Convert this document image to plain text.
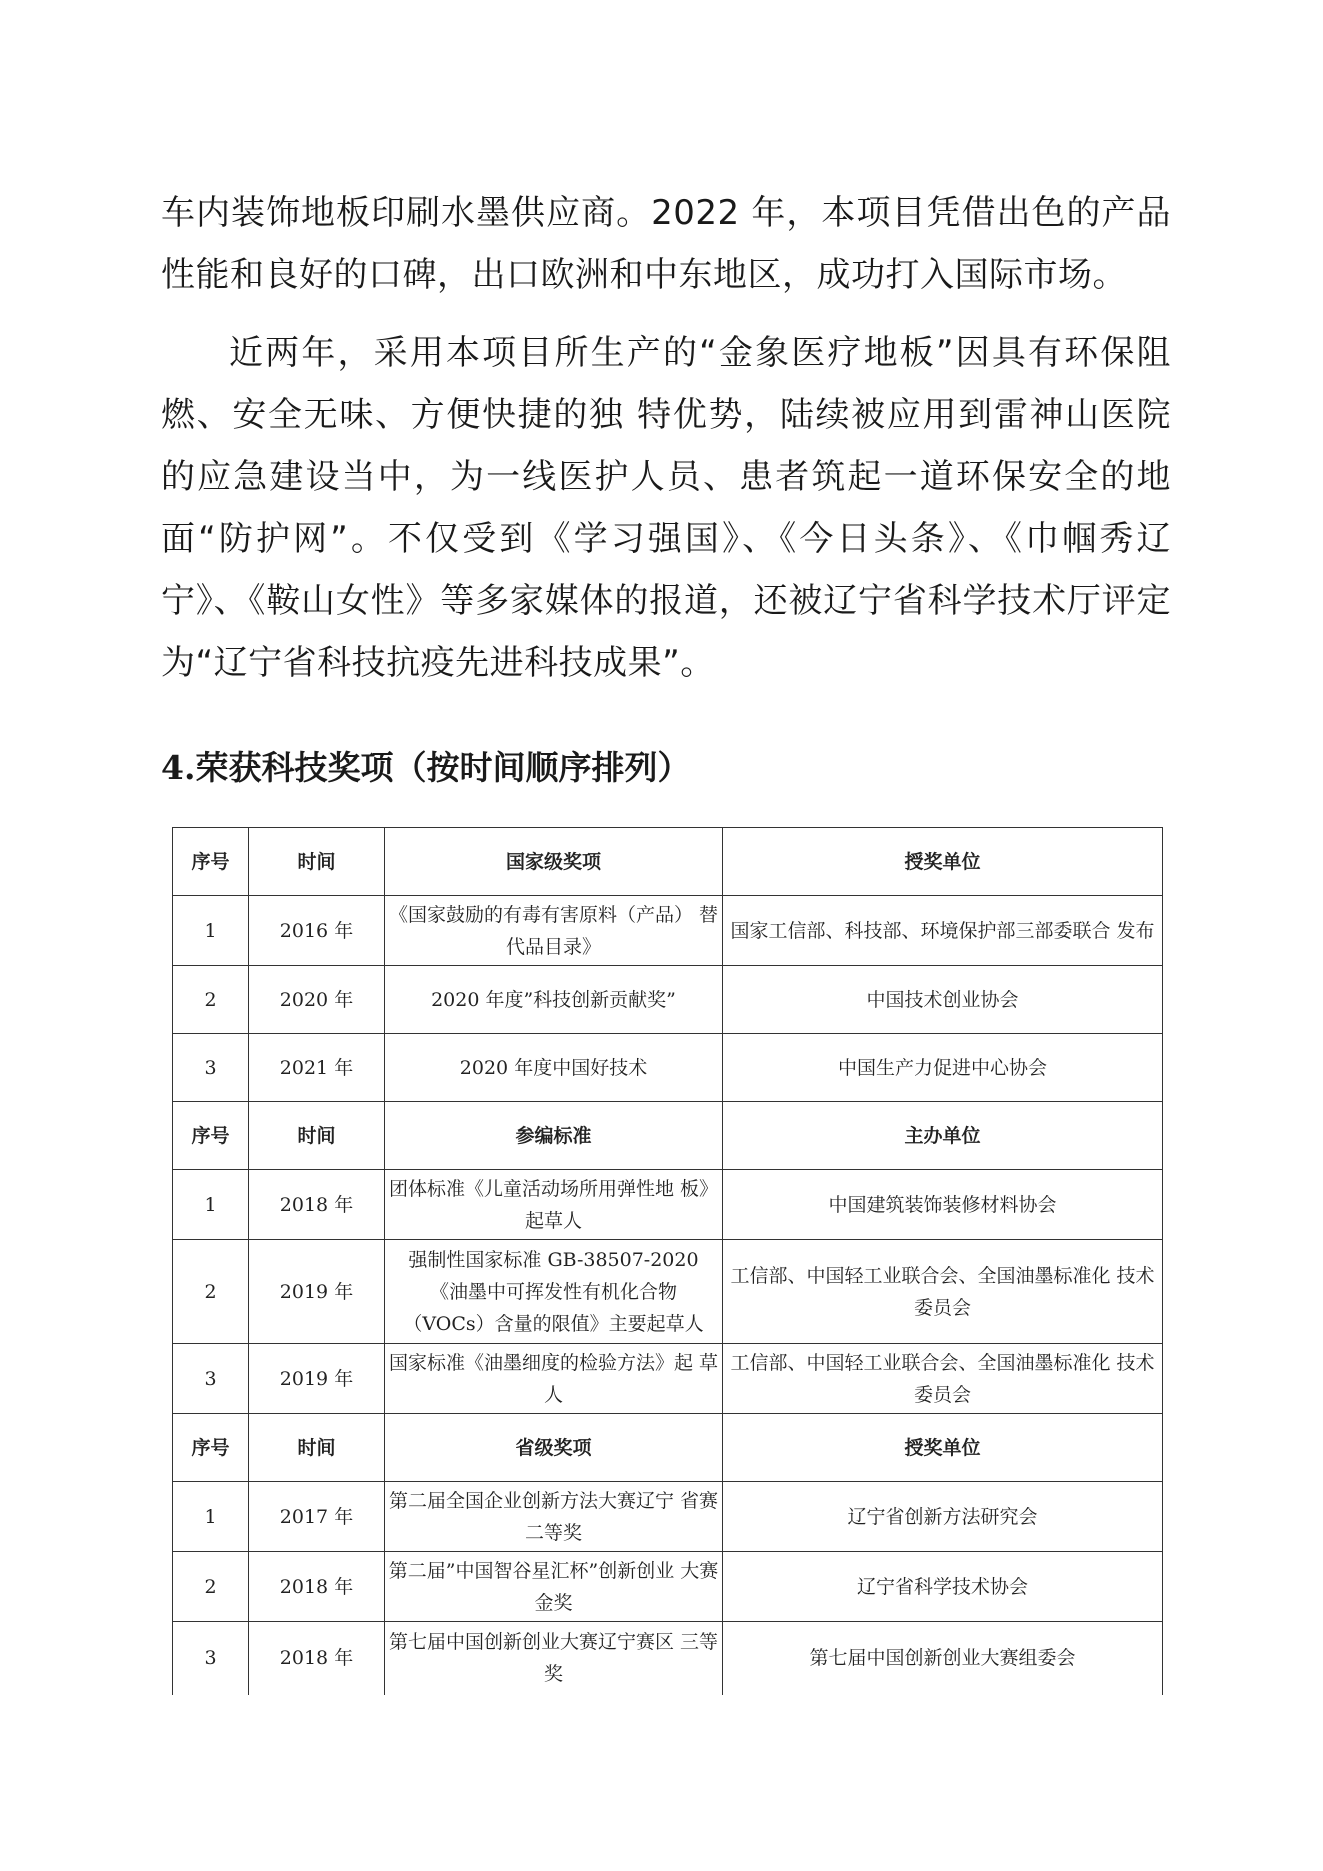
车内装饰地板印刷水墨供应商。2022 年，本项目凭借出色的产品性能和良好的口碑，出口欧洲和中东地区，成功打入国际市场。

近两年，采用本项目所生产的“金象医疗地板”因具有环保阻燃、安全无味、方便快捷的独 特优势，陆续被应用到雷神山医院的应急建设当中，为一线医护人员、患者筑起一道环保安全的地面“防护网”。不仅受到《学习强国》、《今日头条》、《巾帼秀辽宁》、《鞍山女性》等多家媒体的报道，还被辽宁省科学技术厅评定为“辽宁省科技抗疫先进科技成果”。

4.荣获科技奖项（按时间顺序排列）
序号	时间	国家级奖项	授奖单位
1	2016 年	《国家鼓励的有毒有害原料（产品） 替代品目录》	国家工信部、科技部、环境保护部三部委联合 发布
2	2020 年	2020 年度”科技创新贡献奖”	中国技术创业协会
3	2021 年	2020 年度中国好技术	中国生产力促进中心协会
序号	时间	参编标准	主办单位
1	2018 年	团体标准《儿童活动场所用弹性地 板》起草人	中国建筑装饰装修材料协会
2	2019 年	强制性国家标准 GB-38507-2020 《油墨中可挥发性有机化合物 （VOCs）含量的限值》主要起草人	工信部、中国轻工业联合会、全国油墨标准化 技术委员会
3	2019 年	国家标准《油墨细度的检验方法》起 草人	工信部、中国轻工业联合会、全国油墨标准化 技术委员会
序号	时间	省级奖项	授奖单位
1	2017 年	第二届全国企业创新方法大赛辽宁 省赛二等奖	辽宁省创新方法研究会
2	2018 年	第二届”中国智谷星汇杯”创新创业 大赛金奖	辽宁省科学技术协会
3	2018 年	第七届中国创新创业大赛辽宁赛区 三等奖	第七届中国创新创业大赛组委会
